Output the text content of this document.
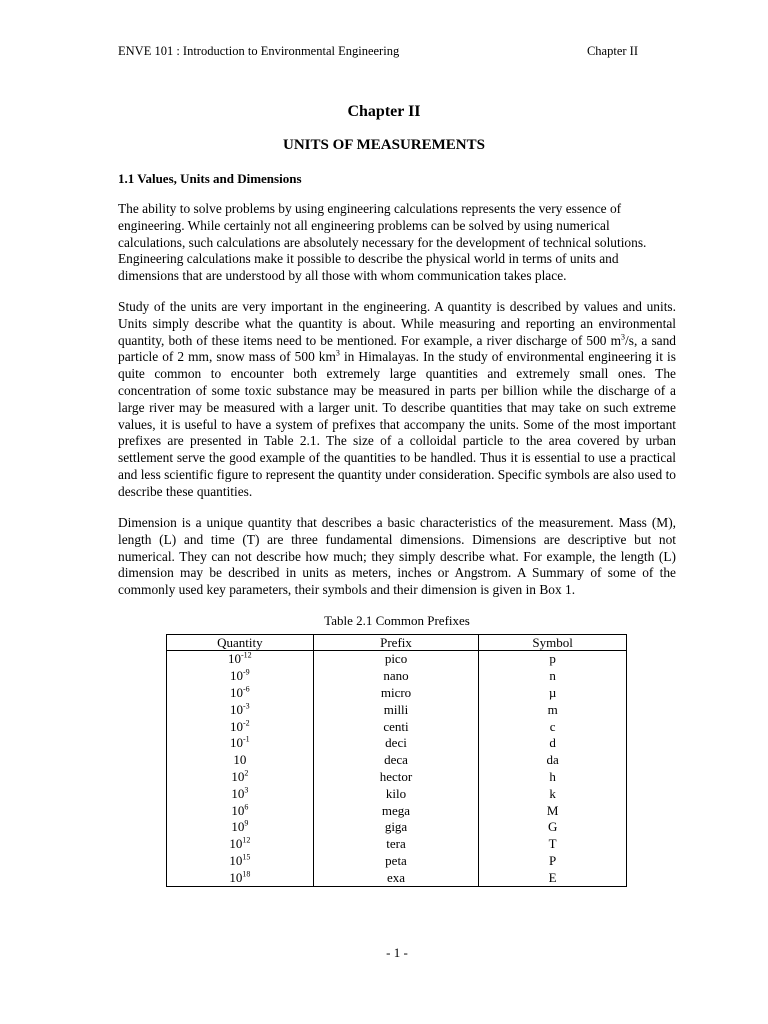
ENVE 101 : Introduction to Environmental Engineering	Chapter II
Chapter II
UNITS OF MEASUREMENTS
1.1 Values, Units and Dimensions

The ability to solve problems by using engineering calculations represents the very essence of engineering. While certainly not all engineering problems can be solved by using numerical calculations, such calculations are absolutely necessary for the development of technical solutions. Engineering calculations make it possible to describe the physical world in terms of units and dimensions that are understood by all those with whom communication takes place.

Study of the units are very important in the engineering. A quantity is described by values and units. Units simply describe what the quantity is about. While measuring and reporting an environmental quantity, both of these items need to be mentioned. For example, a river discharge of 500 $m^3/s$, a sand particle of 2 mm, snow mass of 500 $km^3$ in Himalayas. In the study of environmental engineering it is quite common to encounter both extremely large quantities and extremely small ones. The concentration of some toxic substance may be measured in parts per billion while the discharge of a large river may be measured with a larger unit. To describe quantities that may take on such extreme values, it is useful to have a system of prefixes that accompany the units. Some of the most important prefixes are presented in Table 2.1. The size of a colloidal particle to the area covered by urban settlement serve the good example of the quantities to be handled. Thus it is essential to use a practical and less scientific figure to represent the quantity under consideration. Specific symbols are also used to describe these quantities.

Dimension is a unique quantity that describes a basic characteristics of the measurement. Mass (M), length (L) and time (T) are three fundamental dimensions. Dimensions are descriptive but not numerical. They can not describe how much; they simply describe what. For example, the length (L) dimension may be described in units as meters, inches or Angstrom. A Summary of some of the commonly used key parameters, their symbols and their dimension is given in Box 1.

Table 2.1 Common Prefixes
Quantity	Prefix	Symbol
$10^{-12}$	pico	p
$10^{-9}$	nano	n
$10^{-6}$	micro	µ
$10^{-3}$	milli	m
$10^{-2}$	centi	c
$10^{-1}$	deci	d
10	deca	da
$10^2$	hector	h
$10^3$	kilo	k
$10^6$	mega	M
$10^9$	giga	G
$10^{12}$	tera	T
$10^{15}$	peta	P
$10^{18}$	exa	E
- 1 -
